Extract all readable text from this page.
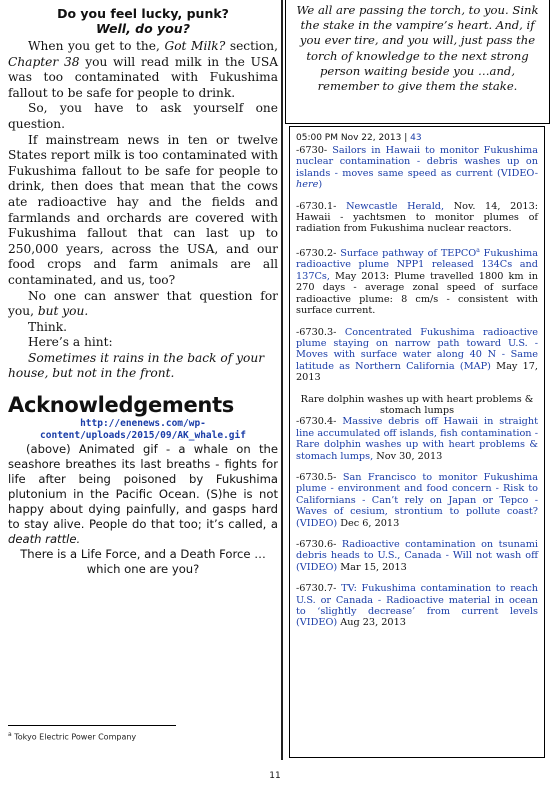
Do you feel lucky, punk?
Well, do you?

When you get to the, Got Milk? section, Chapter 38 you will read milk in the USA was too contaminated with Fukushima fallout to be safe for people to drink.

So, you have to ask yourself one question.

If mainstream news in ten or twelve States report milk is too contaminated with Fukushima fallout to be safe for people to drink, then does that mean that the cows ate radioactive hay and the fields and farmlands and orchards are covered with Fukushima fallout that can last up to 250,000 years, across the USA, and our food crops and farm animals are all contaminated, and us, too?

No one can answer that question for you, but you.

Think.

Here’s a hint:

Sometimes it rains in the back of your house, but not in the front.

Acknowledgements
http://enenews.com/wp-content/uploads/2015/09/AK_whale.gif

(above) Animated gif - a whale on the seashore breathes its last breaths - fights for life after being poisoned by Fukushima plutonium in the Pacific Ocean. (S)he is not happy about dying painfully, and gasps hard to stay alive. People do that too; it’s called, a death rattle.

There is a Life Force, and a Death Force …which one are you?

$^a$ Tokyo Electric Power Company

We all are passing the torch, to you. Sink the stake in the vampire’s heart. And, if you ever tire, and you will, just pass the torch of knowledge to the next strong person waiting beside you …and, remember to give them the stake.

05:00 PM Nov 22, 2013 | 43
-6730- Sailors in Hawaii to monitor Fukushima nuclear contamination - debris washes up on islands - moves same speed as current (VIDEO-here)
-6730.1- Newcastle Herald, Nov. 14, 2013: Hawaii - yachtsmen to monitor plumes of radiation from Fukushima nuclear reactors.
-6730.2- Surface pathway of TEPCO$^a$ Fukushima radioactive plume NPP1 released 134Cs and 137Cs, May 2013: Plume travelled 1800 km in 270 days - average zonal speed of surface radioactive plume: 8 cm/s - consistent with surface current.
-6730.3- Concentrated Fukushima radioactive plume staying on narrow path toward U.S. - Moves with surface water along 40 N - Same latitude as Northern California (MAP) May 17, 2013
Rare dolphin washes up with heart problems & stomach lumps
-6730.4- Massive debris off Hawaii in straight line accumulated off islands, fish contamination - Rare dolphin washes up with heart problems & stomach lumps, Nov 30, 2013
-6730.5- San Francisco to monitor Fukushima plume - environment and food concern - Risk to Californians - Can’t rely on Japan or Tepco - Waves of cesium, strontium to pollute coast? (VIDEO) Dec 6, 2013
-6730.6- Radioactive contamination on tsunami debris heads to U.S., Canada - Will not wash off (VIDEO) Mar 15, 2013
-6730.7- TV: Fukushima contamination to reach U.S. or Canada - Radioactive material in ocean to ‘slightly decrease’ from current levels (VIDEO) Aug 23, 2013
11
